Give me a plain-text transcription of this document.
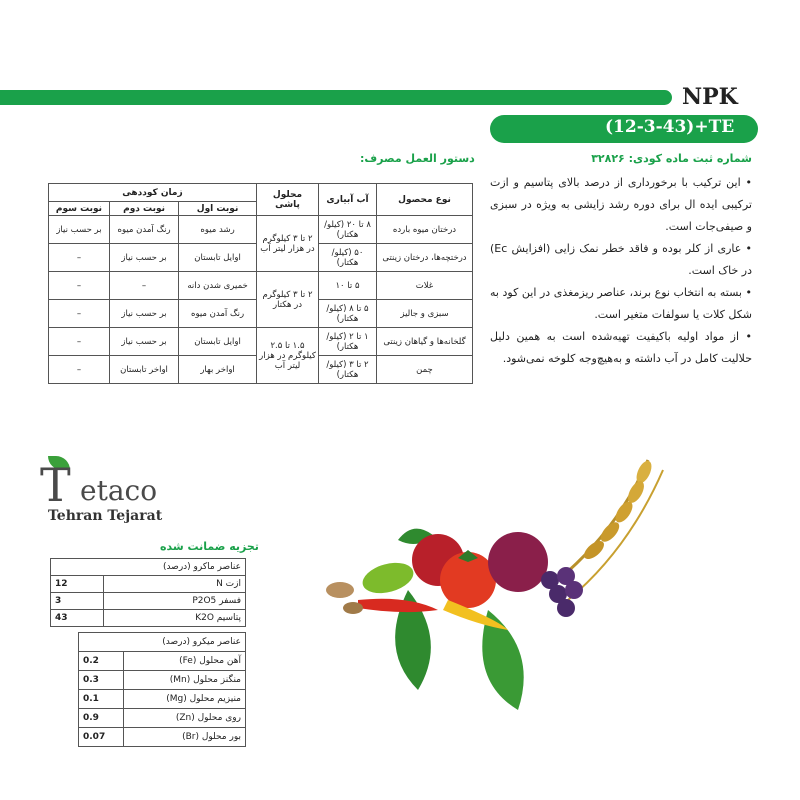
NPK
(12-3-43)+TE
شماره ثبت ماده کودی: ۳۲۸۲۶
دستور العمل مصرف:

• این ترکیب با برخورداری از درصد بالای پتاسیم و ازت ترکیبی ایده ال برای دوره رشد زایشی به ویژه در سبزی و صیفی‌جات است.

• عاری از کلر بوده و فاقد خطر نمک زایی (افزایش Ec) در خاک است.

• بسته به انتخاب نوع برند، عناصر ریزمغذی در این کود به شکل کلات یا سولفات متغیر است.

• از مواد اولیه باکیفیت تهیه‌شده است به همین دلیل حلالیت کامل در آب داشته و به‌هیچ‌وجه کلوخه نمی‌شود.

نوع محصول	آب آبیاری	محلول پاشی	زمان کوددهی		
			نوبت اول	نوبت دوم	نوبت سوم
درختان میوه بارده	۸ تا ۲۰ (کیلو/هکتار)	۲ تا ۳ کیلوگرم در هزار لیتر آب	رشد میوه	رنگ آمدن میوه	بر حسب نیاز
درختچه‌ها، درختان زینتی	۵۰ (کیلو/هکتار)		اوایل تابستان	بر حسب نیاز	–
غلات	۵ تا ۱۰	۲ تا ۳ کیلوگرم در هکتار	خمیری شدن دانه	–	–
سبزی و جالیز	۵ تا ۸ (کیلو/هکتار)		رنگ آمدن میوه	بر حسب نیاز	–
گلخانه‌ها و گیاهان زینتی	۱ تا ۲ (کیلو/هکتار)	۱.۵ تا ۲.۵ کیلوگرم در هزار لیتر آب	اوایل تابستان	بر حسب نیاز	–
چمن	۲ تا ۳ (کیلو/هکتار)		اواخر بهار	اواخر تابستان	–
T etaco
Tehran Tejarat
تجزیه ضمانت شده
عناصر ماکرو (درصد)	
12	ازت N
3	فسفر P2O5
43	پتاسیم K2O
عناصر میکرو (درصد)	
0.2	آهن محلول (Fe)
0.3	منگنز محلول (Mn)
0.1	منیزیم محلول (Mg)
0.9	روی محلول (Zn)
0.07	بور محلول (Br)
